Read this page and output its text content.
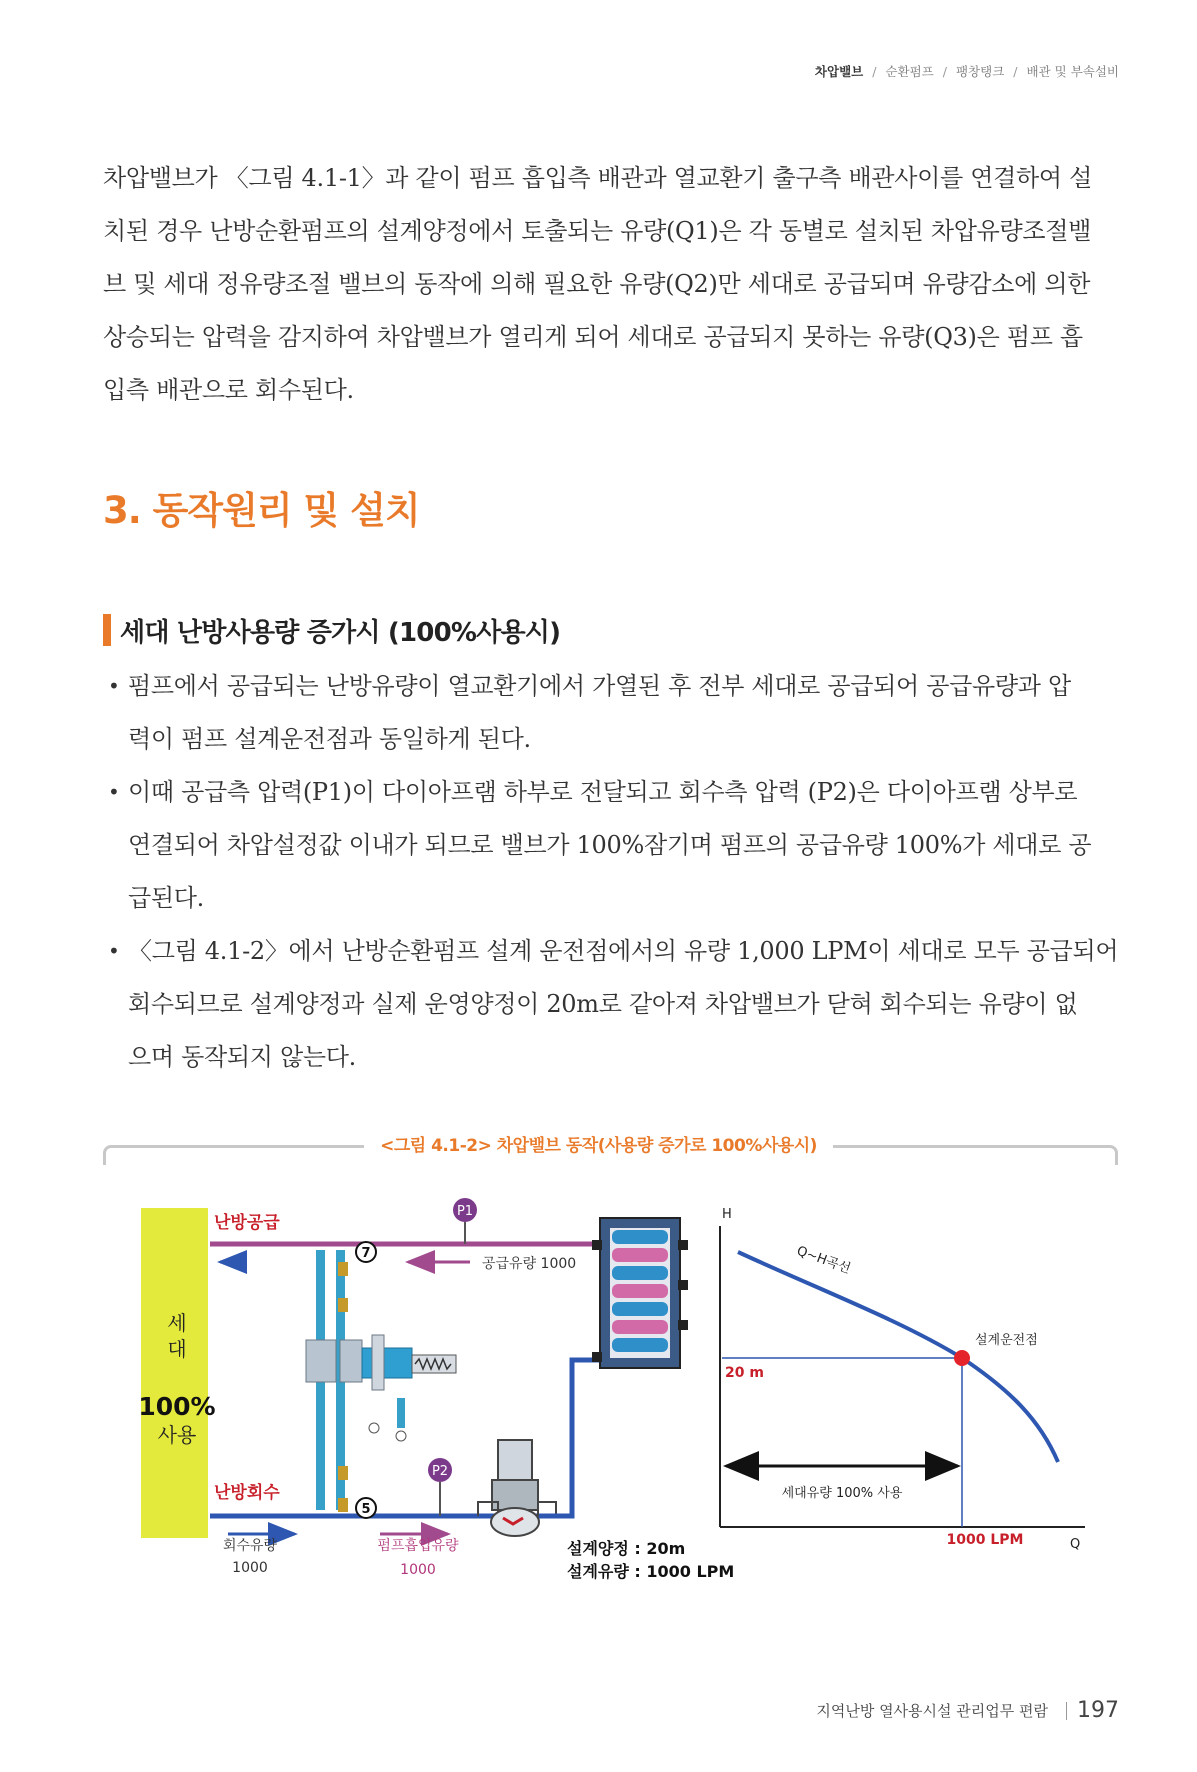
차압밸브 / 순환펌프 / 팽창탱크 / 배관 및 부속설비
차압밸브가 〈그림 4.1-1〉과 같이 펌프 흡입측 배관과 열교환기 출구측 배관사이를 연결하여 설
치된 경우 난방순환펌프의 설계양정에서 토출되는 유량(Q1)은 각 동별로 설치된 차압유량조절밸
브 및 세대 정유량조절 밸브의 동작에 의해 필요한 유량(Q2)만 세대로 공급되며 유량감소에 의한
상승되는 압력을 감지하여 차압밸브가 열리게 되어 세대로 공급되지 못하는 유량(Q3)은 펌프 흡
입측 배관으로 회수된다.
3. 동작원리 및 설치
세대 난방사용량 증가시 (100%사용시)
• 펌프에서 공급되는 난방유량이 열교환기에서 가열된 후 전부 세대로 공급되어 공급유량과 압
력이 펌프 설계운전점과 동일하게 된다.
• 이때 공급측 압력(P1)이 다이아프램 하부로 전달되고 회수측 압력 (P2)은 다이아프램 상부로
연결되어 차압설정값 이내가 되므로 밸브가 100%잠기며 펌프의 공급유량 100%가 세대로 공
급된다.
• 〈그림 4.1-2〉에서 난방순환펌프 설계 운전점에서의 유량 1,000 LPM이 세대로 모두 공급되어
회수되므로 설계양정과 실제 운영양정이 20m로 같아져 차압밸브가 닫혀 회수되는 유량이 없
으며 동작되지 않는다.
<그림 4.1-2> 차압밸브 동작(사용량 증가로 100%사용시)
세
대
100%
사용
난방공급
공급유량 1000
P1
난방회수
회수유량
1000
펌프흡입유량
1000
P2
7
5
설계양정 : 20m
설계유량 : 1000 LPM
H
Q
Q~H곡선
설계운전점
20 m
세대유량 100% 사용
1000 LPM
지역난방 열사용시설 관리업무 편람 197
